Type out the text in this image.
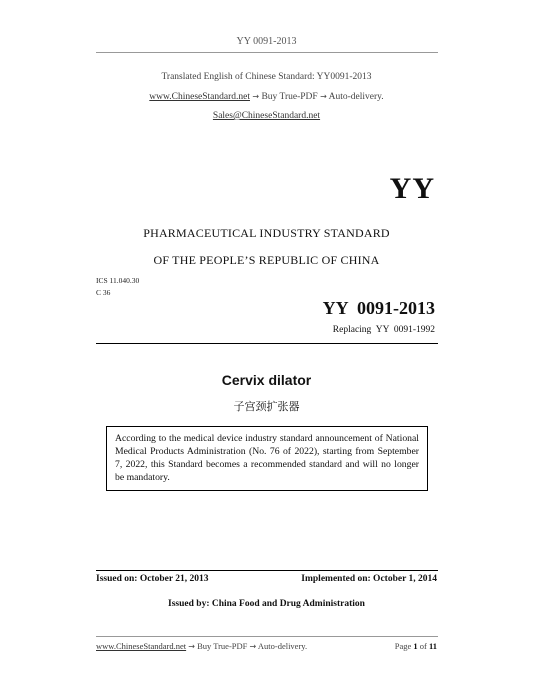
YY 0091-2013
Translated English of Chinese Standard: YY0091-2013
www.ChineseStandard.net → Buy True-PDF → Auto-delivery.
Sales@ChineseStandard.net
YY
PHARMACEUTICAL INDUSTRY STANDARD
OF THE PEOPLE’S REPUBLIC OF CHINA
ICS 11.040.30
C 36
YY  0091-2013
Replacing  YY  0091-1992
Cervix dilator
子宫颈扩张器
According to the medical device industry standard announcement of National Medical Products Administration (No. 76 of 2022), starting from September 7, 2022, this Standard becomes a recommended standard and will no longer be mandatory.
Issued on: October 21, 2013	Implemented on: October 1, 2014
Issued by: China Food and Drug Administration
www.ChineseStandard.net → Buy True-PDF → Auto-delivery.	Page 1 of 11
